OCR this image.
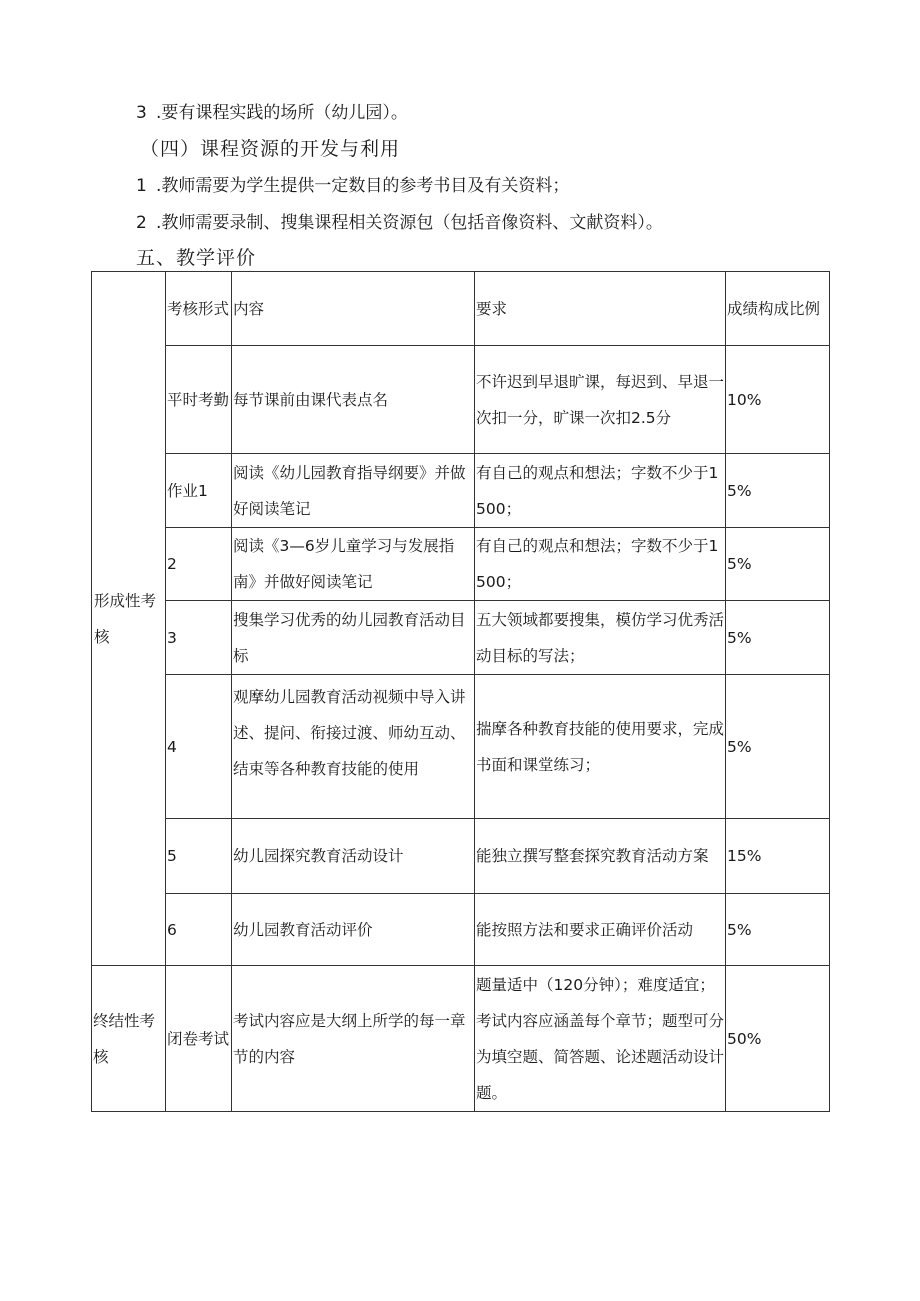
3 .要有课程实践的场所（幼儿园）。
（四）课程资源的开发与利用
1 .教师需要为学生提供一定数目的参考书目及有关资料；
2 .教师需要录制、搜集课程相关资源包（包括音像资料、文献资料）。
五、教学评价
形成性考核	考核形式	内容	要求	成绩构成比例
	平时考勤	每节课前由课代表点名	不许迟到早退旷课，每迟到、早退一次扣一分，旷课一次扣2.5分	10%
	作业1	阅读《幼儿园教育指导纲要》并做好阅读笔记	有自己的观点和想法；字数不少于1500；	5%
	2	阅读《3—6岁儿童学习与发展指南》并做好阅读笔记	有自己的观点和想法；字数不少于1500；	5%
	3	搜集学习优秀的幼儿园教育活动目标	五大领域都要搜集，模仿学习优秀活动目标的写法；	5%
	4	观摩幼儿园教育活动视频中导入讲述、提问、衔接过渡、师幼互动、结束等各种教育技能的使用	揣摩各种教育技能的使用要求，完成书面和课堂练习；	5%
	5	幼儿园探究教育活动设计	能独立撰写整套探究教育活动方案	15%
	6	幼儿园教育活动评价	能按照方法和要求正确评价活动	5%
终结性考核	闭卷考试	考试内容应是大纲上所学的每一章节的内容	题量适中（120分钟）；难度适宜；考试内容应涵盖每个章节；题型可分为填空题、简答题、论述题活动设计题。	50%
